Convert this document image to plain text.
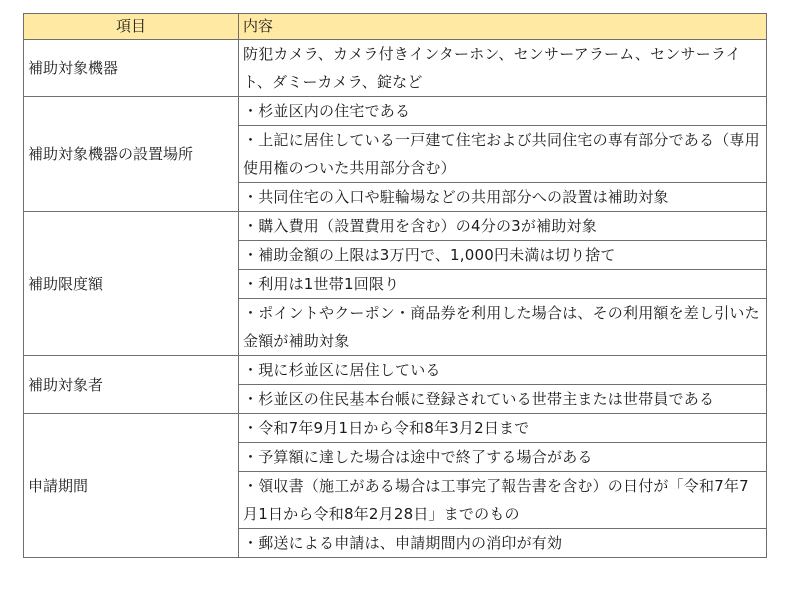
項目	内容
補助対象機器	防犯カメラ、カメラ付きインターホン、センサーアラーム、センサーライト、ダミーカメラ、錠など
補助対象機器の設置場所	・杉並区内の住宅である
	・上記に居住している一戸建て住宅および共同住宅の専有部分である（専用使用権のついた共用部分含む）
	・共同住宅の入口や駐輪場などの共用部分への設置は補助対象
補助限度額	・購入費用（設置費用を含む）の4分の3が補助対象
	・補助金額の上限は3万円で、1,000円未満は切り捨て
	・利用は1世帯1回限り
	・ポイントやクーポン・商品券を利用した場合は、その利用額を差し引いた金額が補助対象
補助対象者	・現に杉並区に居住している
	・杉並区の住民基本台帳に登録されている世帯主または世帯員である
申請期間	・令和7年9月1日から令和8年3月2日まで
	・予算額に達した場合は途中で終了する場合がある
	・領収書（施工がある場合は工事完了報告書を含む）の日付が「令和7年7月1日から令和8年2月28日」までのもの
	・郵送による申請は、申請期間内の消印が有効
